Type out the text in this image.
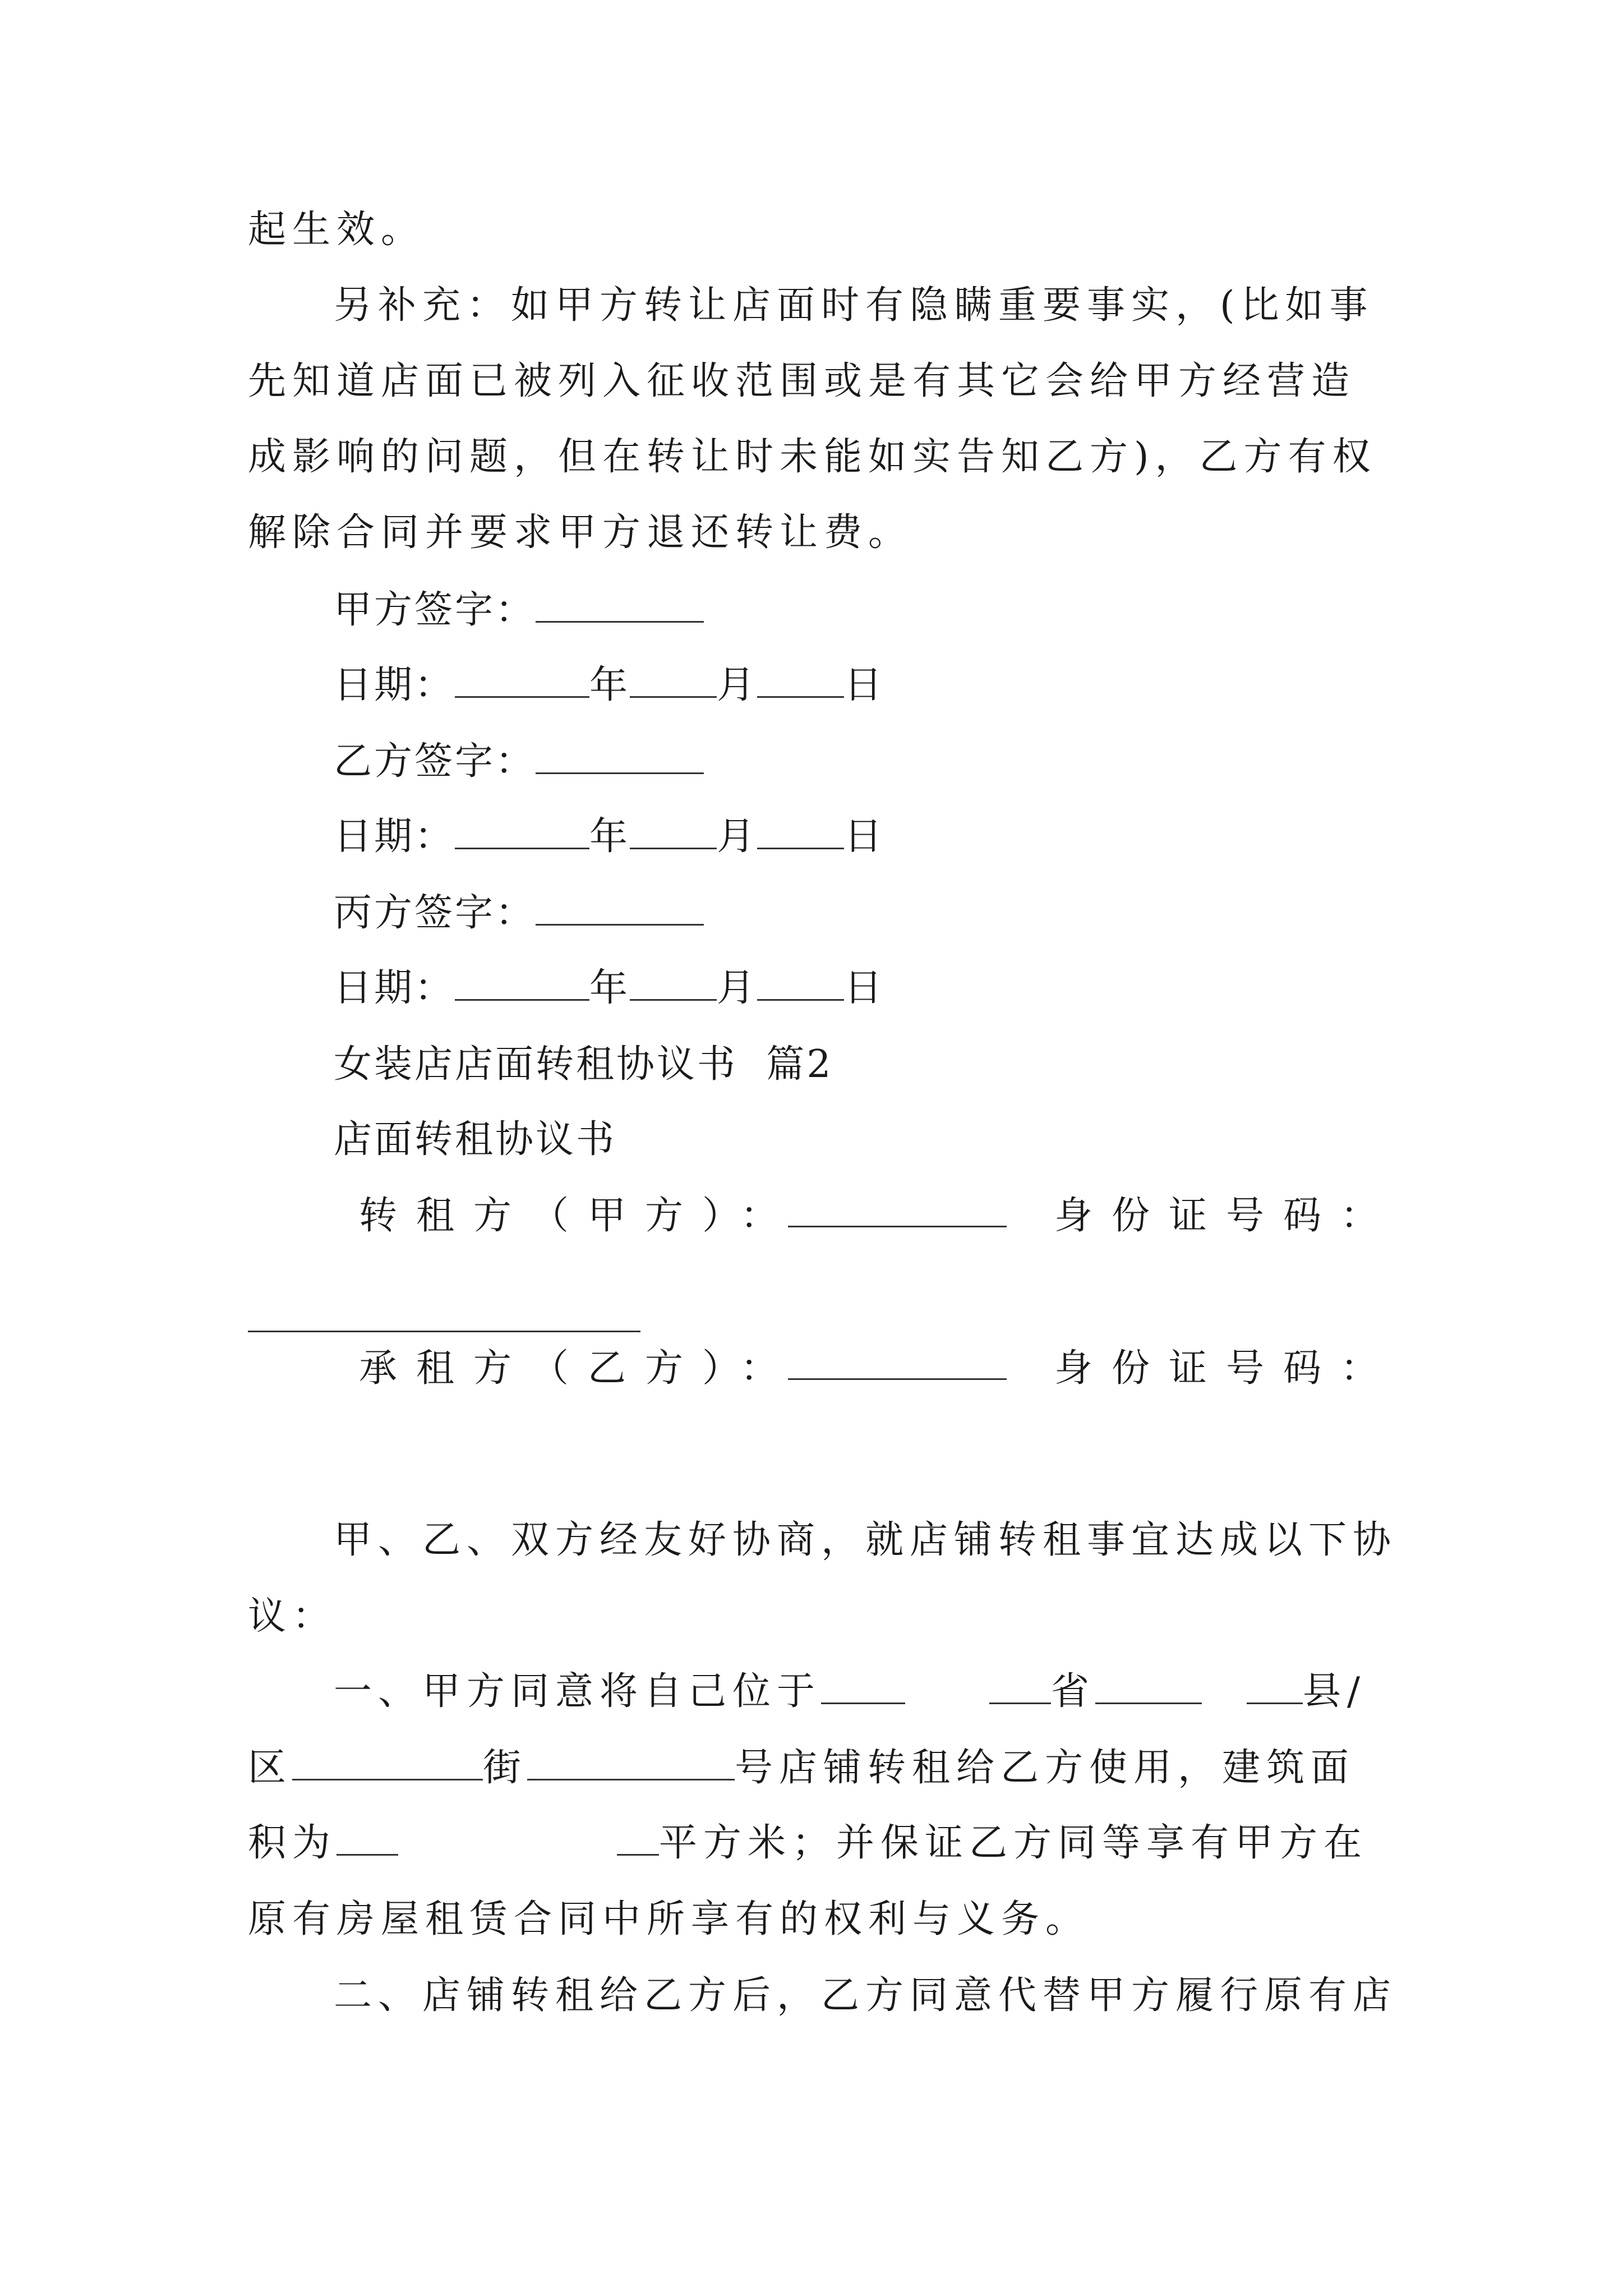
起生效。
另补充：如甲方转让店面时有隐瞒重要事实，(比如事
先知道店面已被列入征收范围或是有其它会给甲方经营造
成影响的问题，但在转让时未能如实告知乙方)，乙方有权
解除合同并要求甲方退还转让费。
甲方签字：
日期：	年 月 日
乙方签字：
日期：	年 月 日
丙方签字：
日期：	年 月 日
女装店店面转租协议书  篇2
店面转租协议书
转租方（甲方）：	身份证号码：
承租方（乙方）：	身份证号码：
甲、乙、双方经友好协商，就店铺转租事宜达成以下协
议：
一、甲方同意将自己位于	省	县/
区	街	号店铺转租给乙方使用，建筑面
积为	平方米；并保证乙方同等享有甲方在
原有房屋租赁合同中所享有的权利与义务。
二、店铺转租给乙方后，乙方同意代替甲方履行原有店
